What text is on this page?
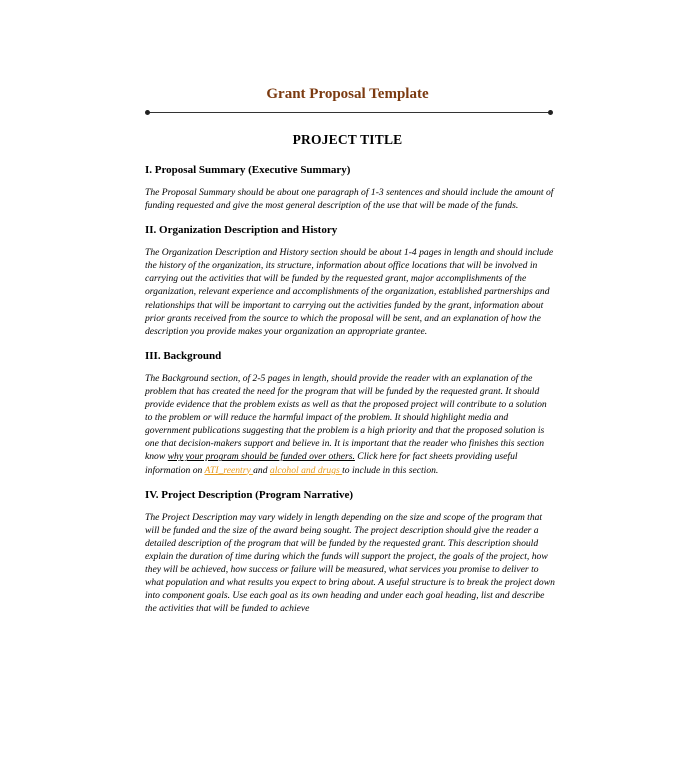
Grant Proposal Template
PROJECT TITLE
I. Proposal Summary (Executive Summary)

The Proposal Summary should be about one paragraph of 1-3 sentences and should include the amount of funding requested and give the most general description of the use that will be made of the funds.

II. Organization Description and History

The Organization Description and History section should be about 1-4 pages in length and should include the history of the organization, its structure, information about office locations that will be involved in carrying out the activities that will be funded by the requested grant, major accomplishments of the organization, relevant experience and accomplishments of the organization, established partnerships and relationships that will be important to carrying out the activities funded by the grant, information about prior grants received from the source to which the proposal will be sent, and an explanation of how the description you provide makes your organization an appropriate grantee.

III. Background

The Background section, of 2-5 pages in length, should provide the reader with an explanation of the problem that has created the need for the program that will be funded by the requested grant. It should provide evidence that the problem exists as well as that the proposed project will contribute to a solution to the problem or will reduce the harmful impact of the problem. It should highlight media and government publications suggesting that the problem is a high priority and that the proposed solution is one that decision-makers support and believe in. It is important that the reader who finishes this section know why your program should be funded over others. Click here for fact sheets providing useful information on ATI_reentry and alcohol and drugs to include in this section.

IV. Project Description (Program Narrative)

The Project Description may vary widely in length depending on the size and scope of the program that will be funded and the size of the award being sought. The project description should give the reader a detailed description of the program that will be funded by the requested grant. This description should explain the duration of time during which the funds will support the project, the goals of the project, how they will be achieved, how success or failure will be measured, what services you promise to deliver to what population and what results you expect to bring about. A useful structure is to break the project down into component goals. Use each goal as its own heading and under each goal heading, list and describe the activities that will be funded to achieve
